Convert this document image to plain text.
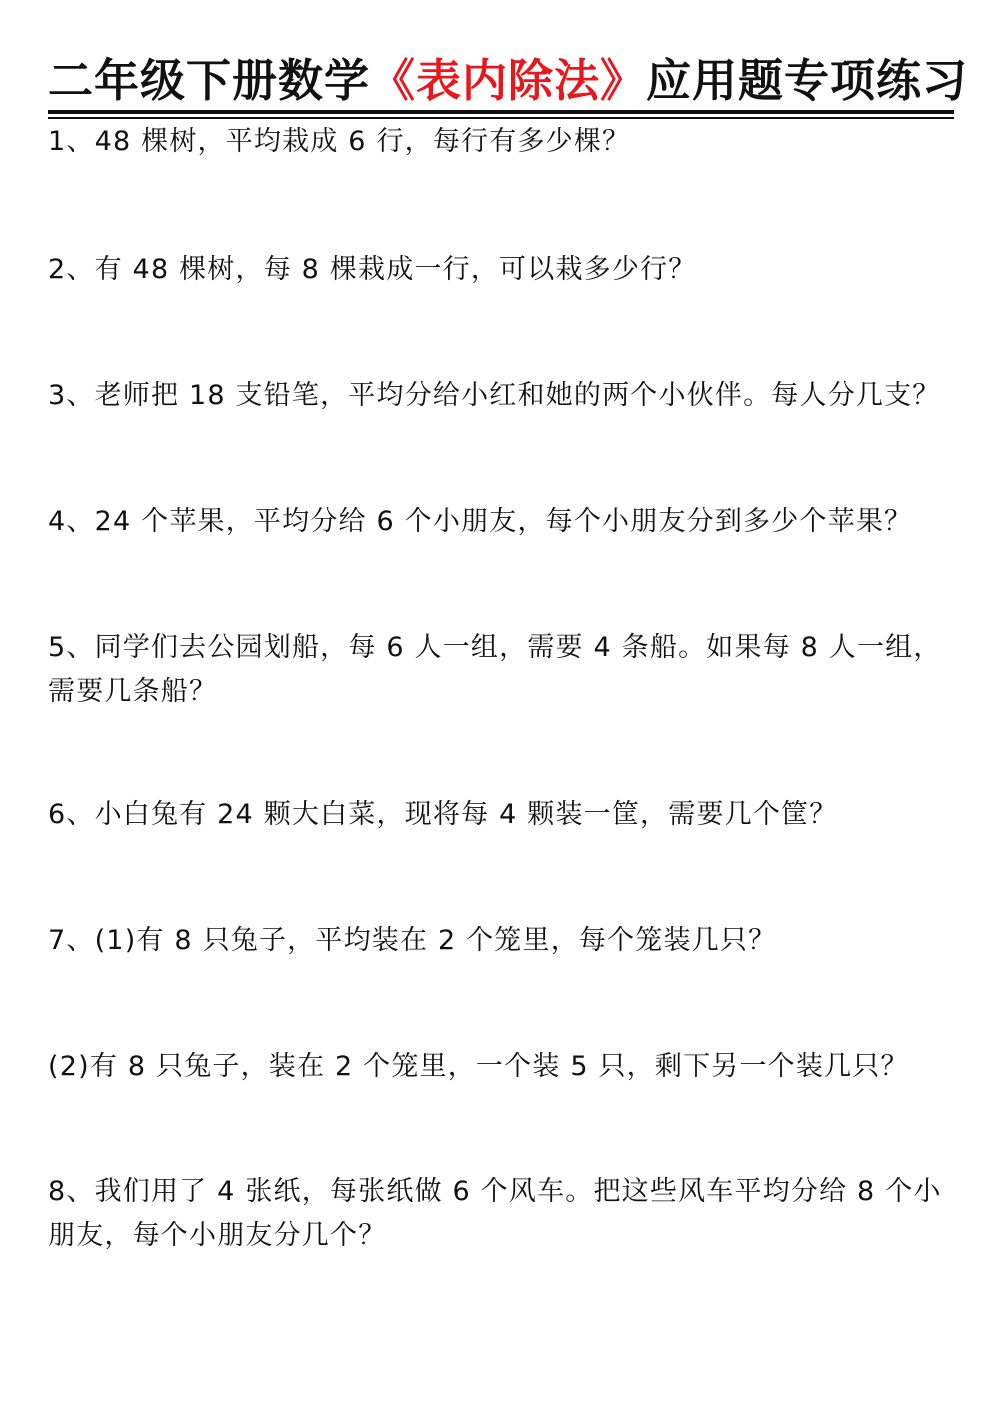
二年级下册数学《表内除法》应用题专项练习
1、48 棵树，平均栽成 6 行，每行有多少棵？
2、有 48 棵树，每 8 棵栽成一行，可以栽多少行？
3、老师把 18 支铅笔，平均分给小红和她的两个小伙伴。每人分几支？
4、24 个苹果，平均分给 6 个小朋友，每个小朋友分到多少个苹果？
5、同学们去公园划船，每 6 人一组，需要 4 条船。如果每 8 人一组，需要几条船？
6、小白兔有 24 颗大白菜，现将每 4 颗装一筐，需要几个筐？
7、(1)有 8 只兔子，平均装在 2 个笼里，每个笼装几只？
(2)有 8 只兔子，装在 2 个笼里，一个装 5 只，剩下另一个装几只？
8、我们用了 4 张纸，每张纸做 6 个风车。把这些风车平均分给 8 个小朋友，每个小朋友分几个？
